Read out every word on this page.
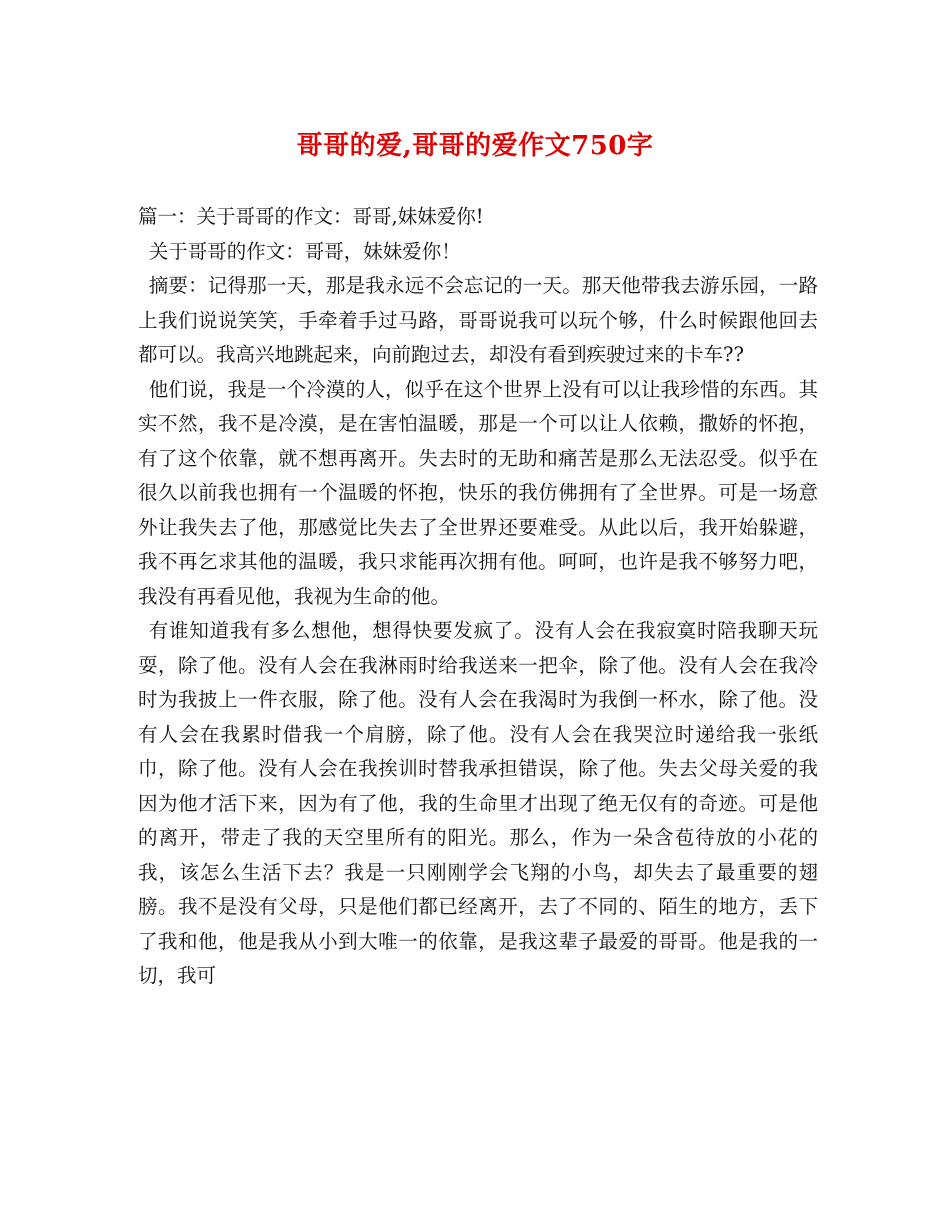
哥哥的爱,哥哥的爱作文750字

篇一：关于哥哥的作文：哥哥,妹妹爱你!

关于哥哥的作文：哥哥，妹妹爱你！

摘要：记得那一天，那是我永远不会忘记的一天。那天他带我去游乐园，一路上我们说说笑笑，手牵着手过马路，哥哥说我可以玩个够，什么时候跟他回去都可以。我高兴地跳起来，向前跑过去，却没有看到疾驶过来的卡车??

他们说，我是一个冷漠的人，似乎在这个世界上没有可以让我珍惜的东西。其实不然，我不是冷漠，是在害怕温暖，那是一个可以让人依赖，撒娇的怀抱，有了这个依靠，就不想再离开。失去时的无助和痛苦是那么无法忍受。似乎在很久以前我也拥有一个温暖的怀抱，快乐的我仿佛拥有了全世界。可是一场意外让我失去了他，那感觉比失去了全世界还要难受。从此以后，我开始躲避，我不再乞求其他的温暖，我只求能再次拥有他。呵呵，也许是我不够努力吧，我没有再看见他，我视为生命的他。

有谁知道我有多么想他，想得快要发疯了。没有人会在我寂寞时陪我聊天玩耍，除了他。没有人会在我淋雨时给我送来一把伞，除了他。没有人会在我冷时为我披上一件衣服，除了他。没有人会在我渴时为我倒一杯水，除了他。没有人会在我累时借我一个肩膀，除了他。没有人会在我哭泣时递给我一张纸巾，除了他。没有人会在我挨训时替我承担错误，除了他。失去父母关爱的我因为他才活下来，因为有了他，我的生命里才出现了绝无仅有的奇迹。可是他的离开，带走了我的天空里所有的阳光。那么，作为一朵含苞待放的小花的我，该怎么生活下去？我是一只刚刚学会飞翔的小鸟，却失去了最重要的翅膀。我不是没有父母，只是他们都已经离开，去了不同的、陌生的地方，丢下了我和他，他是我从小到大唯一的依靠，是我这辈子最爱的哥哥。他是我的一切，我可
